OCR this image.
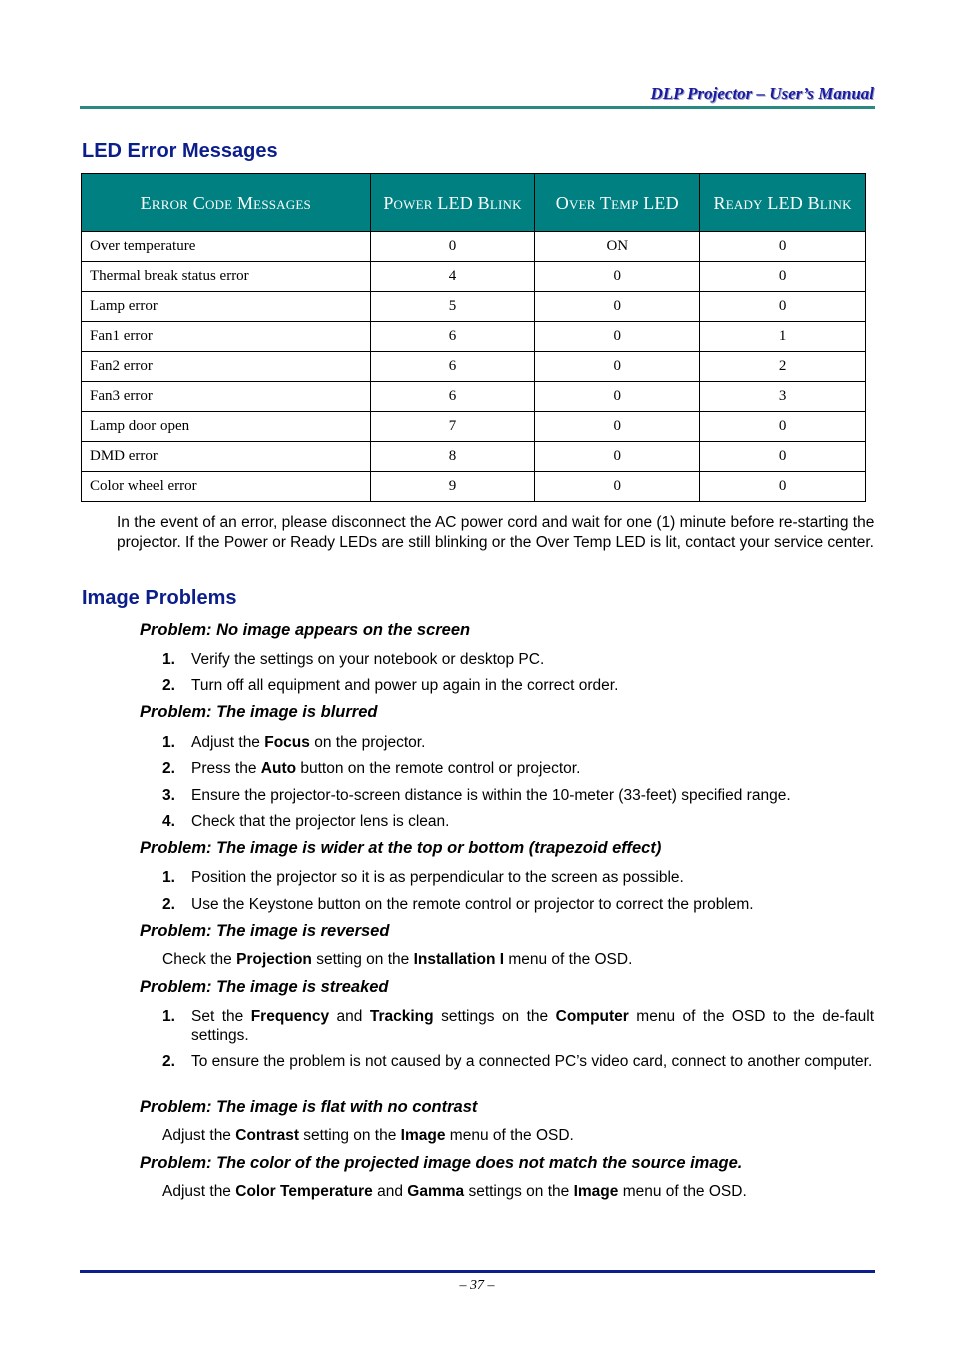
DLP Projector – User’s Manual
LED Error Messages
Error Code Messages	Power LED Blink	Over Temp LED	Ready LED Blink
Over temperature	0	ON	0
Thermal break status error	4	0	0
Lamp error	5	0	0
Fan1 error	6	0	1
Fan2 error	6	0	2
Fan3 error	6	0	3
Lamp door open	7	0	0
DMD error	8	0	0
Color wheel error	9	0	0
In the event of an error, please disconnect the AC power cord and wait for one (1) minute before re-starting the projector. If the Power or Ready LEDs are still blinking or the Over Temp LED is lit, contact your service center.
Image Problems
Problem: No image appears on the screen
1. Verify the settings on your notebook or desktop PC.
2. Turn off all equipment and power up again in the correct order.
Problem: The image is blurred
1. Adjust the Focus on the projector.
2. Press the Auto button on the remote control or projector.
3. Ensure the projector-to-screen distance is within the 10-meter (33-feet) specified range.
4. Check that the projector lens is clean.
Problem: The image is wider at the top or bottom (trapezoid effect)
1. Position the projector so it is as perpendicular to the screen as possible.
2. Use the Keystone button on the remote control or projector to correct the problem.
Problem: The image is reversed
Check the Projection setting on the Installation I menu of the OSD.
Problem: The image is streaked
1. Set the Frequency and Tracking settings on the Computer menu of the OSD to the de-fault settings.
2. To ensure the problem is not caused by a connected PC’s video card, connect to another computer.
Problem: The image is flat with no contrast
Adjust the Contrast setting on the Image menu of the OSD.
Problem: The color of the projected image does not match the source image.
Adjust the Color Temperature and Gamma settings on the Image menu of the OSD.
– 37 –
